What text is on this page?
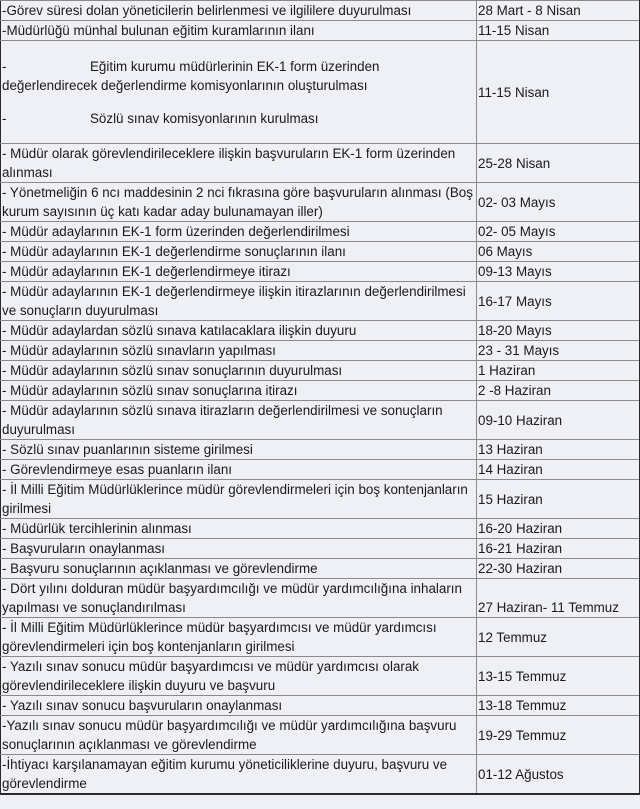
-Görev süresi dolan yöneticilerin belirlenmesi ve ilgililere duyurulması	28 Mart - 8 Nisan
-Müdürlüğü münhal bulunan eğitim kuramlarının ilanı	11-15 Nisan

- Eğitim kurumu müdürlerinin EK-1 form üzerinden
değerlendirecek değerlendirme komisyonlarının oluşturulması
- Sözlü sınav komisyonlarının kurulması	11-15 Nisan
- Müdür olarak görevlendirileceklere ilişkin başvuruların EK-1 form üzerinden alınması	25-28 Nisan
- Yönetmeliğin 6 ncı maddesinin 2 nci fıkrasına göre başvuruların alınması (Boş kurum sayısının üç katı kadar aday bulunamayan iller)	02- 03 Mayıs
- Müdür adaylarının EK-1 form üzerinden değerlendirilmesi	02- 05 Mayıs
- Müdür adaylarının EK-1 değerlendirme sonuçlarının ilanı	06 Mayıs
- Müdür adaylarının EK-1 değerlendirmeye itirazı	09-13 Mayıs
- Müdür adaylarının EK-1 değerlendirmeye ilişkin itirazlarının değerlendirilmesi ve sonuçların duyurulması	16-17 Mayıs
- Müdür adaylardan sözlü sınava katılacaklara ilişkin duyuru	18-20 Mayıs
- Müdür adaylarının sözlü sınavların yapılması	23 - 31 Mayıs
- Müdür adaylarının sözlü sınav sonuçlarının duyurulması	1 Haziran
- Müdür adaylarının sözlü sınav sonuçlarına itirazı	2 -8 Haziran
- Müdür adaylarının sözlü sınava itirazların değerlendirilmesi ve sonuçların duyurulması	09-10 Haziran
- Sözlü sınav puanlarının sisteme girilmesi	13 Haziran
- Görevlendirmeye esas puanların ilanı	14 Haziran
- İl Milli Eğitim Müdürlüklerince müdür görevlendirmeleri için boş kontenjanların girilmesi	15 Haziran
- Müdürlük tercihlerinin alınması	16-20 Haziran
- Başvuruların onaylanması	16-21 Haziran
- Başvuru sonuçlarının açıklanması ve görevlendirme	22-30 Haziran
- Dört yılını dolduran müdür başyardımcılığı ve müdür yardımcılığına inhaların yapılması ve sonuçlandırılması	27 Haziran- 11 Temmuz
- İl Milli Eğitim Müdürlüklerince müdür başyardımcısı ve müdür yardımcısı görevlendirmeleri için boş kontenjanların girilmesi	12 Temmuz
- Yazılı sınav sonucu müdür başyardımcısı ve müdür yardımcısı olarak görevlendirileceklere ilişkin duyuru ve başvuru	13-15 Temmuz
- Yazılı sınav sonucu başvuruların onaylanması	13-18 Temmuz
-Yazılı sınav sonucu müdür başyardımcılığı ve müdür yardımcılığına başvuru sonuçlarının açıklanması ve görevlendirme	19-29 Temmuz
-İhtiyacı karşılanamayan eğitim kurumu yöneticiliklerine duyuru, başvuru ve görevlendirme	01-12 Ağustos
